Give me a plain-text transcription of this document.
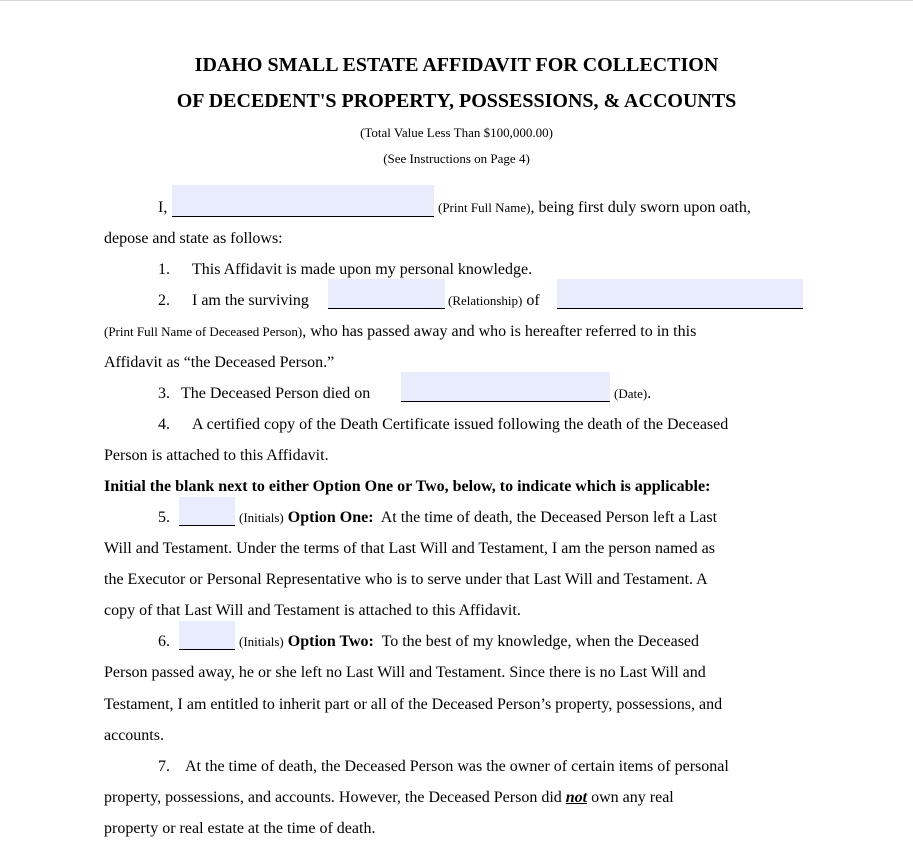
IDAHO SMALL ESTATE AFFIDAVIT FOR COLLECTION
OF DECEDENT'S PROPERTY, POSSESSIONS, & ACCOUNTS
(Total Value Less Than $100,000.00)
(See Instructions on Page 4)
I,	(Print Full Name), being first duly sworn upon oath,
depose and state as follows:
1. This Affidavit is made upon my personal knowledge.
2. I am the surviving	(Relationship) of
(Print Full Name of Deceased Person), who has passed away and who is hereafter referred to in this
Affidavit as “the Deceased Person.”
3. The Deceased Person died on	(Date).
4. A certified copy of the Death Certificate issued following the death of the Deceased
Person is attached to this Affidavit.
Initial the blank next to either Option One or Two, below, to indicate which is applicable:
5.	(Initials) Option One: At the time of death, the Deceased Person left a Last
Will and Testament. Under the terms of that Last Will and Testament, I am the person named as
the Executor or Personal Representative who is to serve under that Last Will and Testament. A
copy of that Last Will and Testament is attached to this Affidavit.
6.	(Initials) Option Two: To the best of my knowledge, when the Deceased
Person passed away, he or she left no Last Will and Testament. Since there is no Last Will and
Testament, I am entitled to inherit part or all of the Deceased Person’s property, possessions, and
accounts.
7. At the time of death, the Deceased Person was the owner of certain items of personal
property, possessions, and accounts. However, the Deceased Person did not own any real
property or real estate at the time of death.
